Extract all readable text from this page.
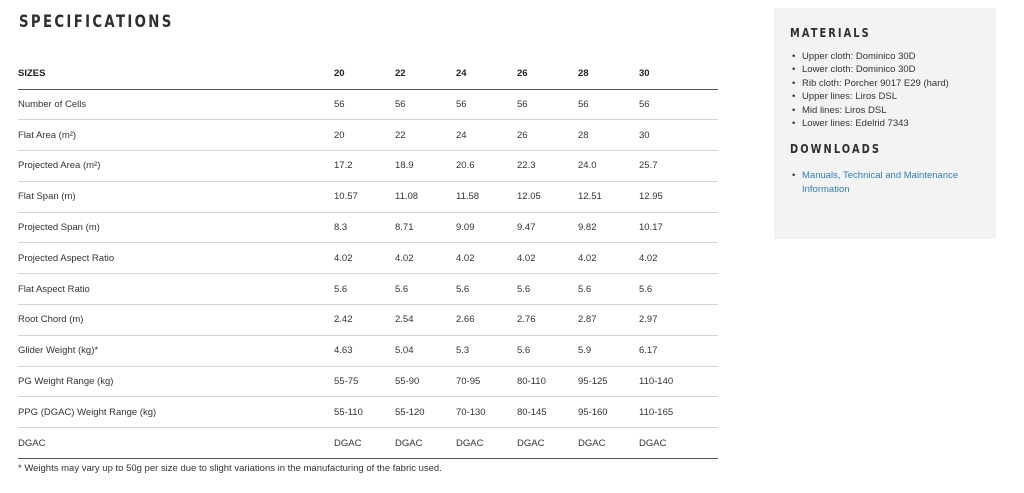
SPECIFICATIONS
SIZES	20	22	24	26	28	30
Number of Cells	56	56	56	56	56	56
Flat Area (m²)	20	22	24	26	28	30
Projected Area (m²)	17.2	18.9	20.6	22.3	24.0	25.7
Flat Span (m)	10.57	11.08	11.58	12.05	12.51	12.95
Projected Span (m)	8.3	8.71	9.09	9.47	9.82	10.17
Projected Aspect Ratio	4.02	4.02	4.02	4.02	4.02	4.02
Flat Aspect Ratio	5.6	5.6	5.6	5.6	5.6	5.6
Root Chord (m)	2.42	2.54	2.66	2.76	2.87	2.97
Glider Weight (kg)*	4.63	5.04	5.3	5.6	5.9	6.17
PG Weight Range (kg)	55-75	55-90	70-95	80-110	95-125	110-140
PPG (DGAC) Weight Range (kg)	55-110	55-120	70-130	80-145	95-160	110-165
DGAC	DGAC	DGAC	DGAC	DGAC	DGAC	DGAC

* Weights may vary up to 50g per size due to slight variations in the manufacturing of the fabric used.

MATERIALS
• Upper cloth: Dominico 30D
• Lower cloth: Dominico 30D
• Rib cloth: Porcher 9017 E29 (hard)
• Upper lines: Liros DSL
• Mid lines: Liros DSL
• Lower lines: Edelrid 7343
DOWNLOADS
• Manuals, Technical and Maintenance Information
